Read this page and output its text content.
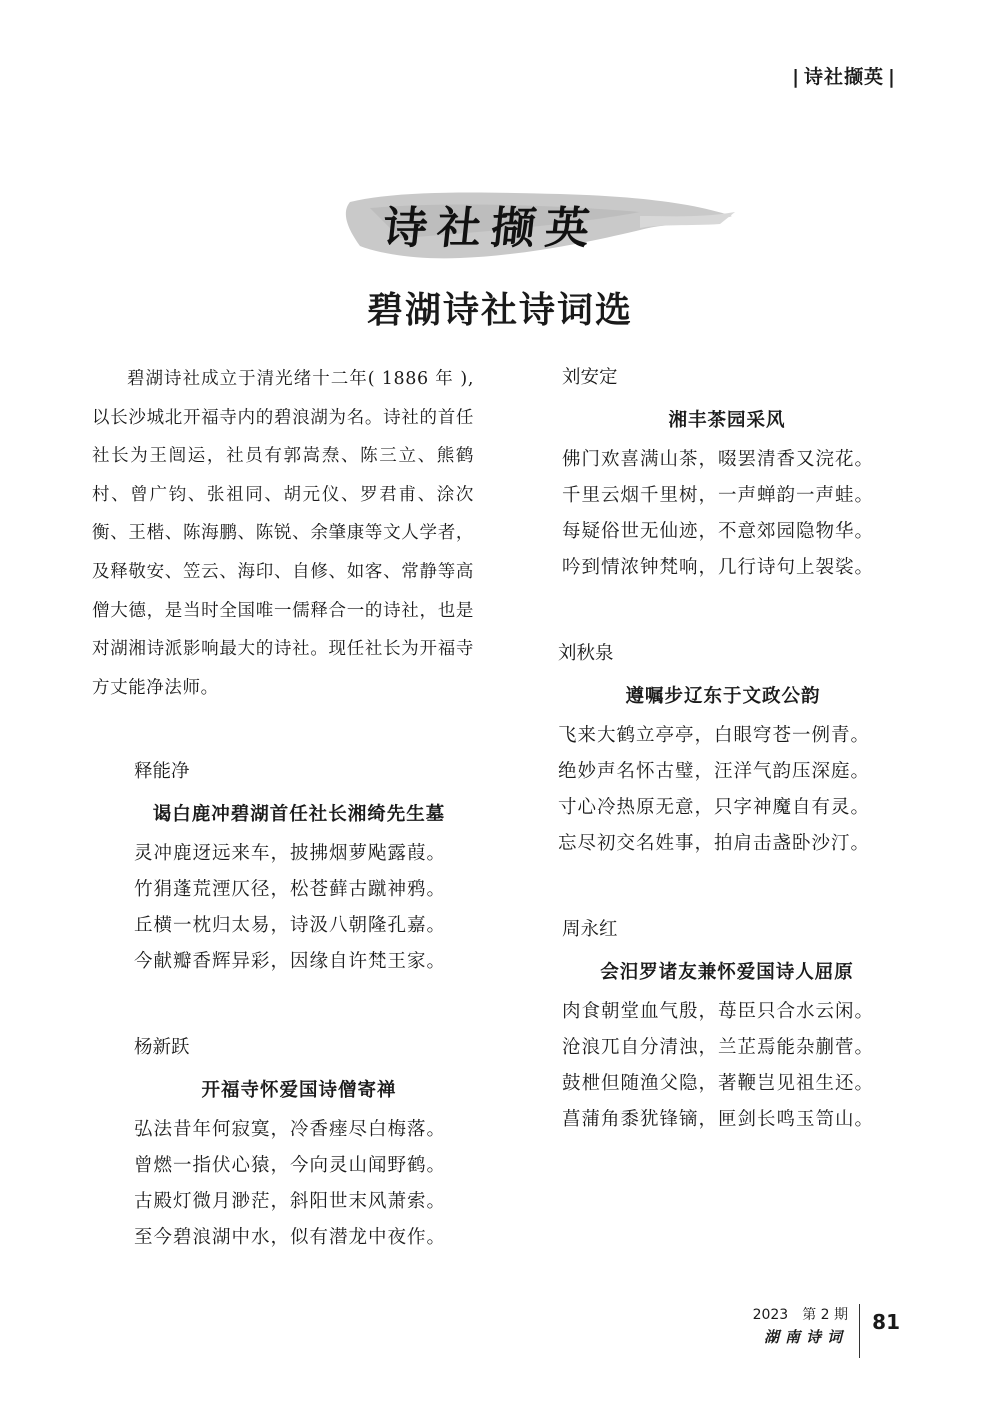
| 诗社撷英 |
诗社撷英
碧湖诗社诗词选

碧湖诗社成立于清光绪十二年( 1886 年 ), 以长沙城北开福寺内的碧浪湖为名。诗社的首任社长为王闿运，社员有郭嵩焘、陈三立、熊鹤村、曾广钧、张祖同、胡元仪、罗君甫、涂次衡、王楷、陈海鹏、陈锐、余肇康等文人学者，及释敬安、笠云、海印、自修、如客、常静等高僧大德，是当时全国唯一儒释合一的诗社，也是对湖湘诗派影响最大的诗社。现任社长为开福寺方丈能净法师。

释能净
谒白鹿冲碧湖首任社长湘绮先生墓
灵冲鹿迓远来车，披拂烟萝飐露葭。
竹狷蓬荒湮仄径，松苍藓古蹴神鸦。
丘横一枕归太易，诗汲八朝隆孔嘉。
今献瓣香辉异彩，因缘自许梵王家。
杨新跃
开福寺怀爱国诗僧寄禅
弘法昔年何寂寞，冷香瘗尽白梅落。
曾燃一指伏心猿，今向灵山闻野鹤。
古殿灯微月渺茫，斜阳世末风萧索。
至今碧浪湖中水，似有潜龙中夜作。
刘安定
湘丰茶园采风
佛门欢喜满山茶，啜罢清香又浣花。
千里云烟千里树，一声蝉韵一声蛙。
每疑俗世无仙迹，不意郊园隐物华。
吟到情浓钟梵响，几行诗句上袈裟。
刘秋泉
遵嘱步辽东于文政公韵
飞来大鹤立亭亭，白眼穹苍一例青。
绝妙声名怀古璧，汪洋气韵压深庭。
寸心冷热原无意，只字神魔自有灵。
忘尽初交名姓事，拍肩击盏卧沙汀。
周永红
会汨罗诸友兼怀爱国诗人屈原
肉食朝堂血气殷，苺臣只合水云闲。
沧浪兀自分清浊，兰芷焉能杂蒯菅。
鼓枻但随渔父隐，著鞭岂见祖生还。
菖蒲角黍犹锋镝，匣剑长鸣玉笥山。
2023　第 2 期
湖南诗词
81
